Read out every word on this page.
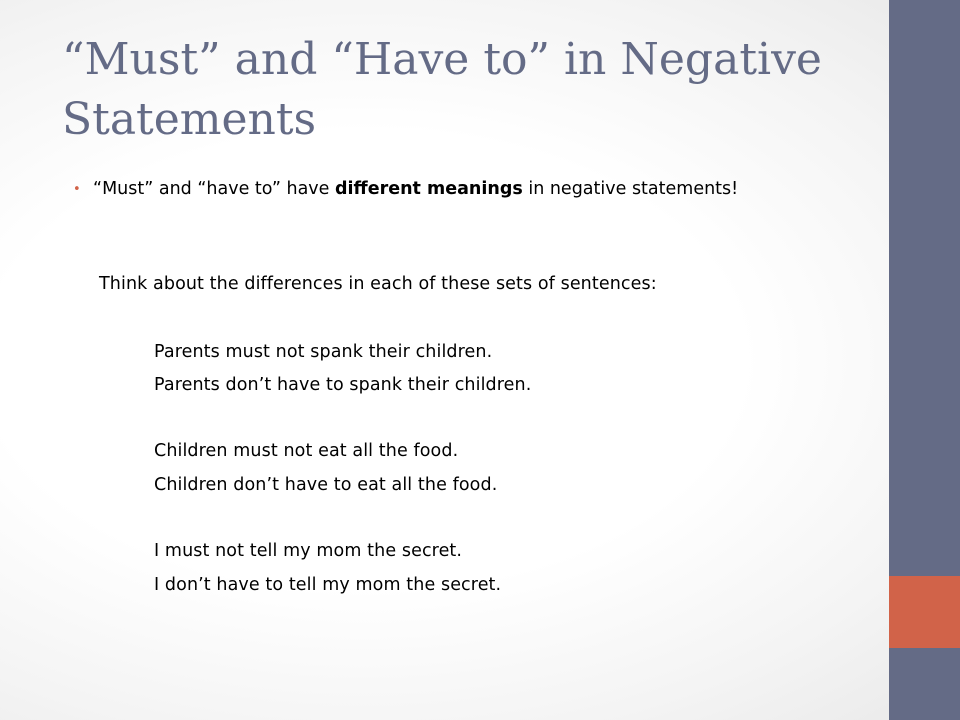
“Must” and “Have to” in Negative Statements
• “Must” and “have to” have different meanings in negative statements!
Think about the differences in each of these sets of sentences:
Parents must not spank their children.
Parents don’t have to spank their children.
Children must not eat all the food.
Children don’t have to eat all the food.
I must not tell my mom the secret.
I don’t have to tell my mom the secret.
